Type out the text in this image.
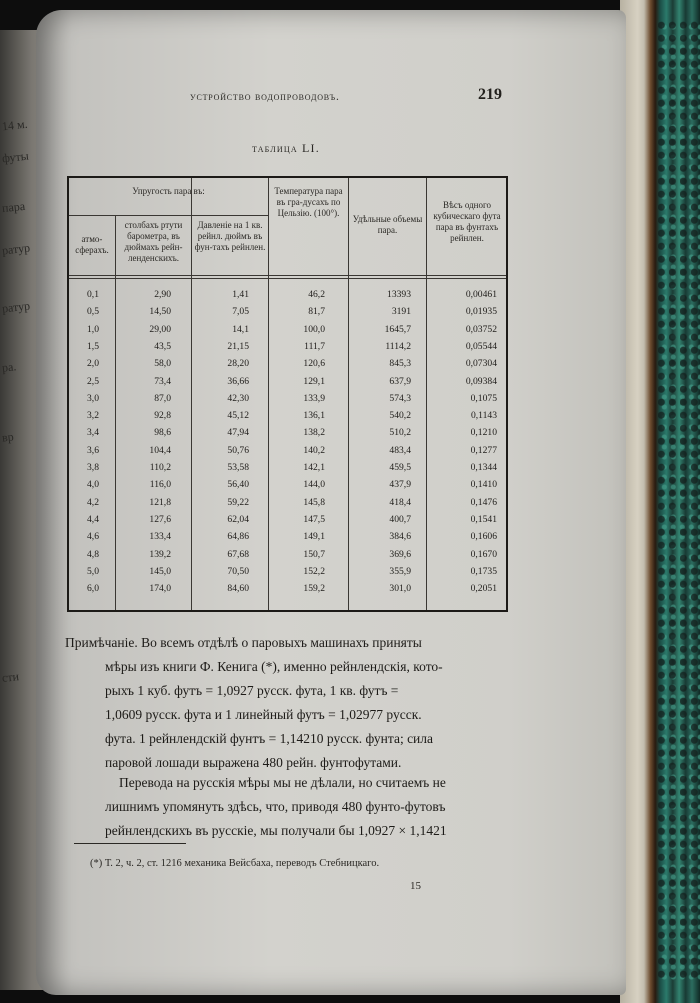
14 м.
футы
пара
ратур
ратур
ра.
вр
сти
устройство водопроводовъ.	219
таблица LI.
Упругость пара въ:
атмо-сферахъ.
столбахъ ртути барометра, въ дюймахъ рейн-ленденскихъ.
Давленіе на 1 кв. рейнл. дюймъ въ фун-тахъ рейнлен.
Температура пара въ гра-дусахъ по Цельзію. (100°).
Удѣльные объемы пара.
Вѣсъ одного кубическаго фута пара въ фунтахъ рейнлен.
0,1
0,5
1,0
1,5
2,0
2,5
3,0
3,2
3,4
3,6
3,8
4,0
4,2
4,4
4,6
4,8
5,0
6,0
2,90
14,50
29,00
43,5
58,0
73,4
87,0
92,8
98,6
104,4
110,2
116,0
121,8
127,6
133,4
139,2
145,0
174,0
1,41
7,05
14,1
21,15
28,20
36,66
42,30
45,12
47,94
50,76
53,58
56,40
59,22
62,04
64,86
67,68
70,50
84,60
46,2
81,7
100,0
111,7
120,6
129,1
133,9
136,1
138,2
140,2
142,1
144,0
145,8
147,5
149,1
150,7
152,2
159,2
13393
3191
1645,7
1114,2
845,3
637,9
574,3
540,2
510,2
483,4
459,5
437,9
418,4
400,7
384,6
369,6
355,9
301,0
0,00461
0,01935
0,03752
0,05544
0,07304
0,09384
0,1075
0,1143
0,1210
0,1277
0,1344
0,1410
0,1476
0,1541
0,1606
0,1670
0,1735
0,2051
Примѣчаніе. Во всемъ отдѣлѣ о паровыхъ машинахъ приняты
мѣры изъ книги Ф. Кенига (*), именно рейнлендскія, кото-
рыхъ 1 куб. футъ = 1,0927 русск. фута, 1 кв. футъ =
1,0609 русск. фута и 1 линейный футъ = 1,02977 русск.
фута. 1 рейнлендскій фунтъ = 1,14210 русск. фунта; сила
паровой лошади выражена 480 рейн. фунтофутами.
Перевода на русскія мѣры мы не дѣлали, но считаемъ не
лишнимъ упомянуть здѣсь, что, приводя 480 фунто-футовъ
рейнлендскихъ въ русскіе, мы получали бы 1,0927 × 1,1421
(*) Т. 2, ч. 2, ст. 1216 механика Вейсбаха, переводъ Стебницкаго.
15
